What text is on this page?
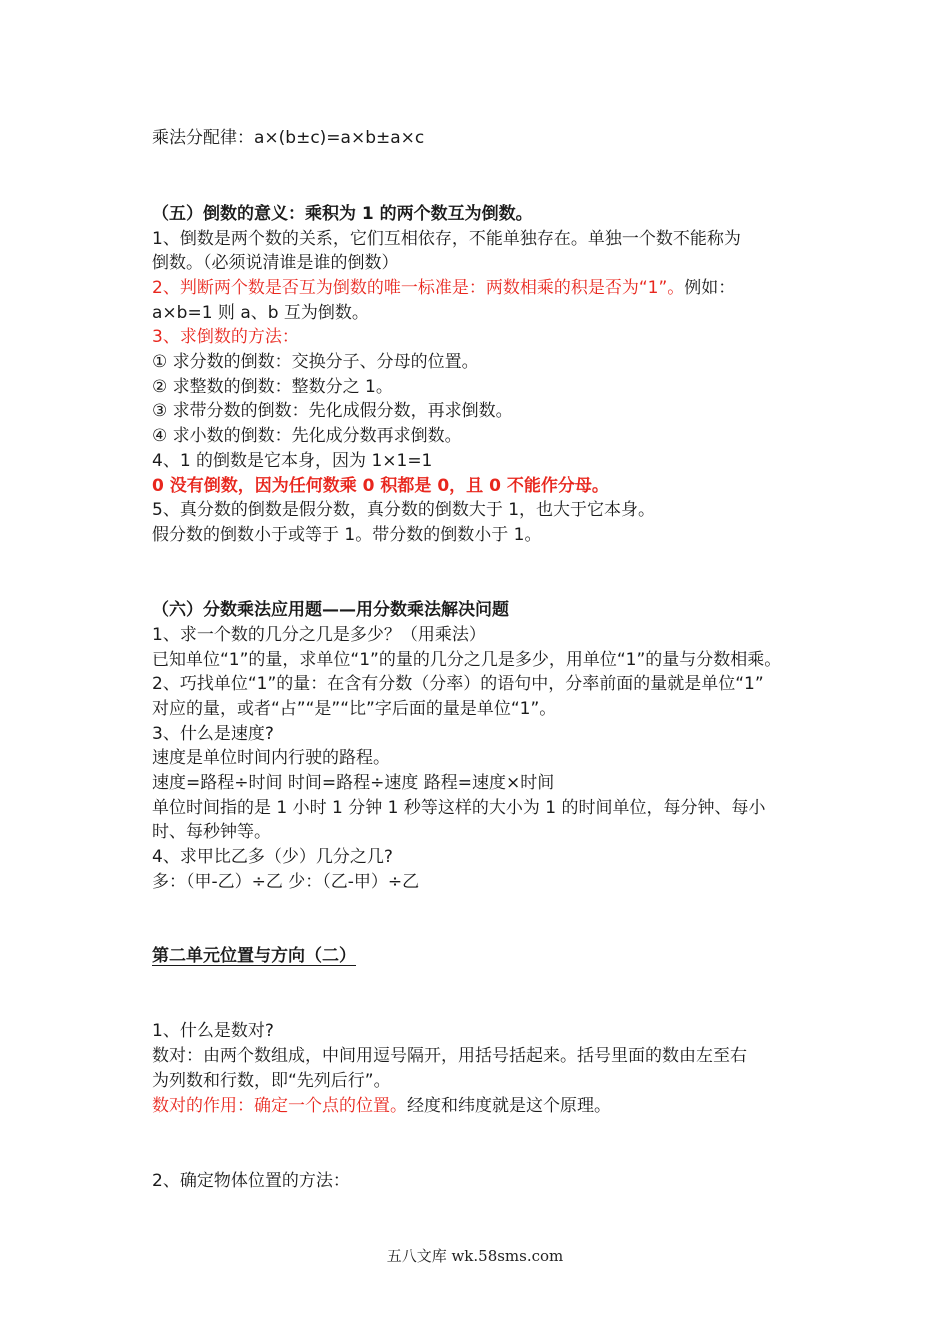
乘法分配律：a×(b±c)=a×b±a×c
（五）倒数的意义：乘积为 1 的两个数互为倒数。
1、倒数是两个数的关系，它们互相依存，不能单独存在。单独一个数不能称为
倒数。（必须说清谁是谁的倒数）
2、判断两个数是否互为倒数的唯一标准是：两数相乘的积是否为“1”。例如：
a×b=1 则 a、b 互为倒数。
3、求倒数的方法：
① 求分数的倒数：交换分子、分母的位置。
② 求整数的倒数：整数分之 1。
③ 求带分数的倒数：先化成假分数，再求倒数。
④ 求小数的倒数：先化成分数再求倒数。
4、1 的倒数是它本身，因为 1×1=1
0 没有倒数，因为任何数乘 0 积都是 0，且 0 不能作分母。
5、真分数的倒数是假分数，真分数的倒数大于 1，也大于它本身。
假分数的倒数小于或等于 1。带分数的倒数小于 1。
（六）分数乘法应用题——用分数乘法解决问题
1、求一个数的几分之几是多少？（用乘法）
已知单位“1”的量，求单位“1”的量的几分之几是多少，用单位“1”的量与分数相乘。
2、巧找单位“1”的量：在含有分数（分率）的语句中，分率前面的量就是单位“1”
对应的量，或者“占”“是”“比”字后面的量是单位“1”。
3、什么是速度?
速度是单位时间内行驶的路程。
速度=路程÷时间 时间=路程÷速度 路程=速度×时间
单位时间指的是 1 小时 1 分钟 1 秒等这样的大小为 1 的时间单位，每分钟、每小
时、每秒钟等。
4、求甲比乙多（少）几分之几?
多：（甲-乙）÷乙 少：（乙-甲）÷乙
第二单元位置与方向（二）
1、什么是数对?
数对：由两个数组成，中间用逗号隔开，用括号括起来。括号里面的数由左至右
为列数和行数，即“先列后行”。
数对的作用：确定一个点的位置。经度和纬度就是这个原理。
2、确定物体位置的方法：
五八文库 wk.58sms.com
